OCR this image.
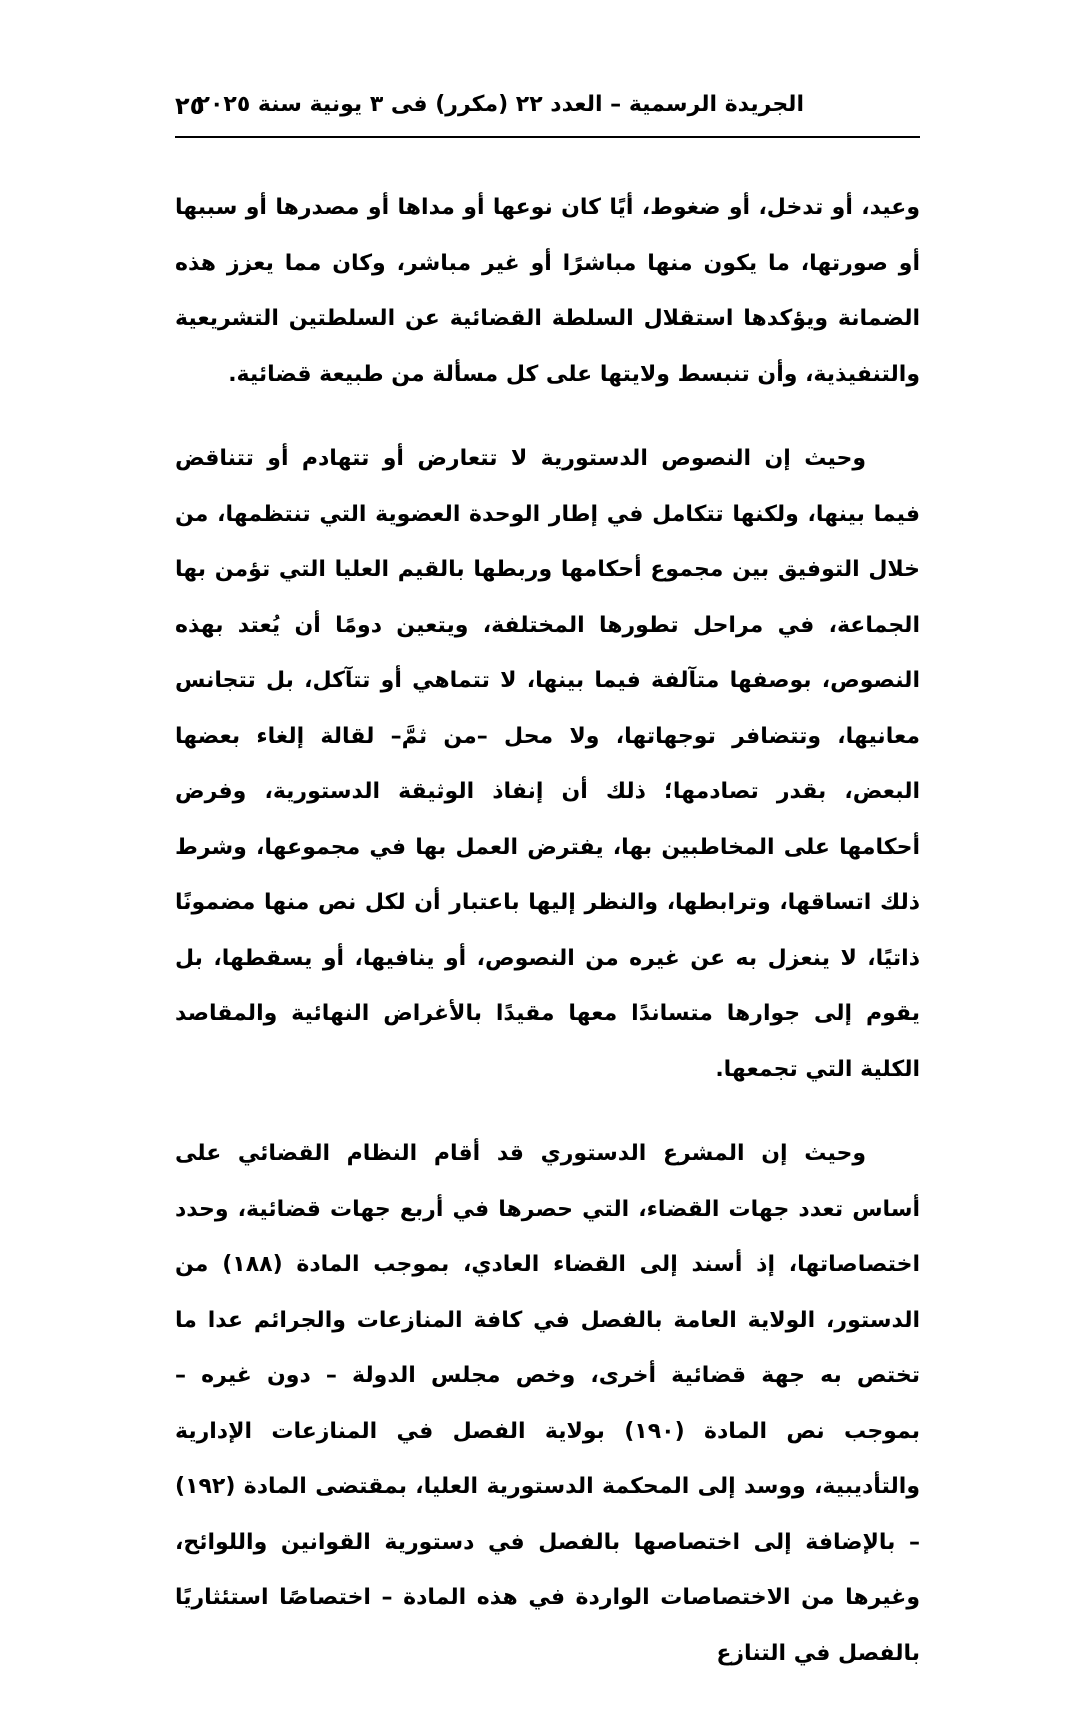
الجريدة الرسمية – العدد ٢٢ (مكرر) فى ٣ يونية سنة ٢٠٢٥
٢٥

وعيد، أو تدخل، أو ضغوط، أيًا كان نوعها أو مداها أو مصدرها أو سببها أو صورتها، ما يكون منها مباشرًا أو غير مباشر، وكان مما يعزز هذه الضمانة ويؤكدها استقلال السلطة القضائية عن السلطتين التشريعية والتنفيذية، وأن تنبسط ولايتها على كل مسألة من طبيعة قضائية.

وحيث إن النصوص الدستورية لا تتعارض أو تتهادم أو تتناقض فيما بينها، ولكنها تتكامل في إطار الوحدة العضوية التي تنتظمها، من خلال التوفيق بين مجموع أحكامها وربطها بالقيم العليا التي تؤمن بها الجماعة، في مراحل تطورها المختلفة، ويتعين دومًا أن يُعتد بهذه النصوص، بوصفها متآلفة فيما بينها، لا تتماهي أو تتآكل، بل تتجانس معانيها، وتتضافر توجهاتها، ولا محل –من ثمَّ– لقالة إلغاء بعضها البعض، بقدر تصادمها؛ ذلك أن إنفاذ الوثيقة الدستورية، وفرض أحكامها على المخاطبين بها، يفترض العمل بها في مجموعها، وشرط ذلك اتساقها، وترابطها، والنظر إليها باعتبار أن لكل نص منها مضمونًا ذاتيًا، لا ينعزل به عن غيره من النصوص، أو ينافيها، أو يسقطها، بل يقوم إلى جوارها متساندًا معها مقيدًا بالأغراض النهائية والمقاصد الكلية التي تجمعها.

وحيث إن المشرع الدستوري قد أقام النظام القضائي على أساس تعدد جهات القضاء، التي حصرها في أربع جهات قضائية، وحدد اختصاصاتها، إذ أسند إلى القضاء العادي، بموجب المادة (١٨٨) من الدستور، الولاية العامة بالفصل في كافة المنازعات والجرائم عدا ما تختص به جهة قضائية أخرى، وخص مجلس الدولة – دون غيره – بموجب نص المادة (١٩٠) بولاية الفصل في المنازعات الإدارية والتأديبية، ووسد إلى المحكمة الدستورية العليا، بمقتضى المادة (١٩٢) – بالإضافة إلى اختصاصها بالفصل في دستورية القوانين واللوائح، وغيرها من الاختصاصات الواردة في هذه المادة – اختصاصًا استئثاريًا بالفصل في التنازع
